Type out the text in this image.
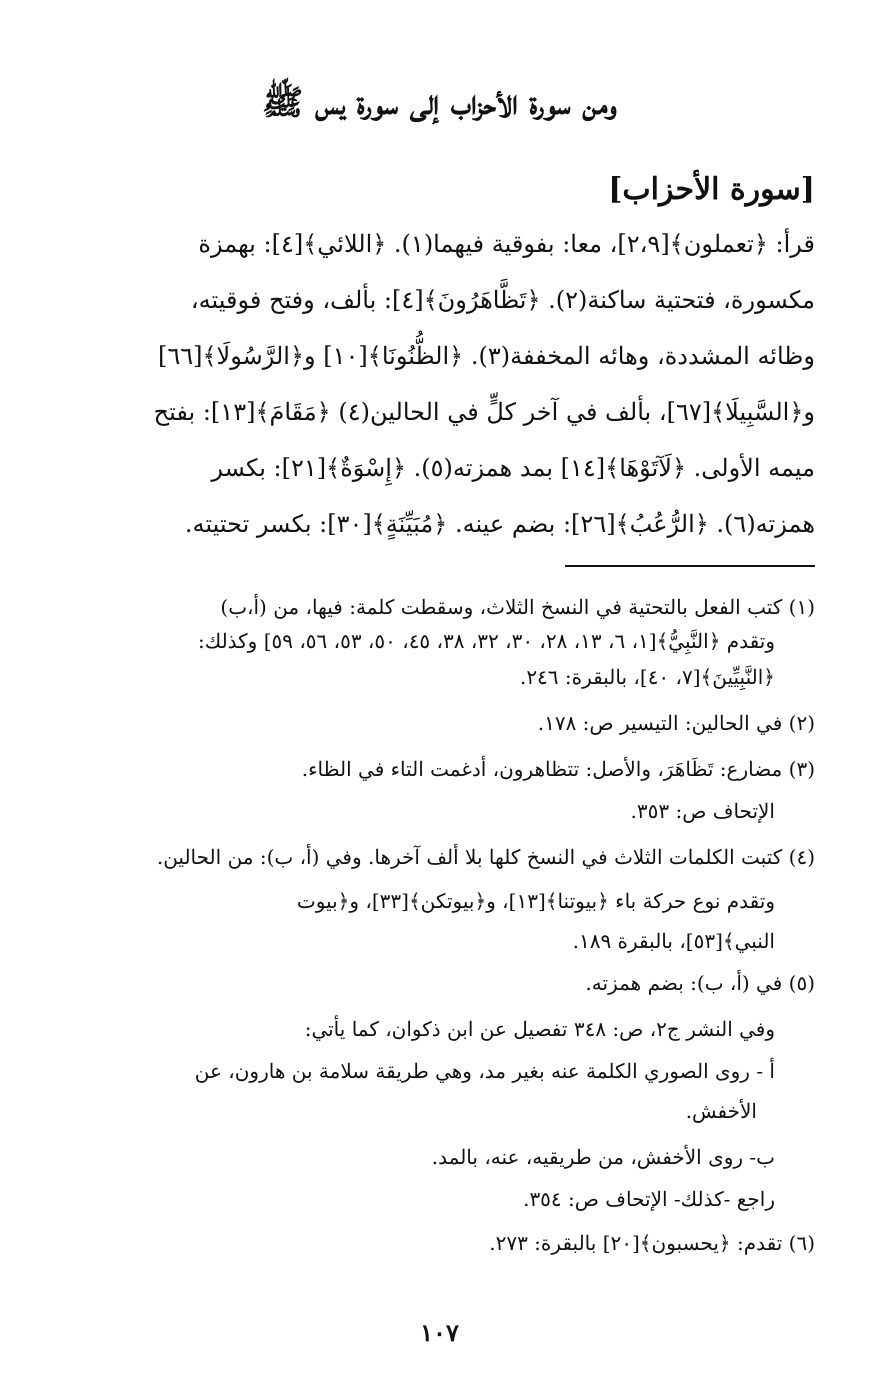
ومن سورة الأحزاب إلى سورة يس ﷺ
[سورة الأحزاب]
قرأ: ﴿تعملون﴾[٢،٩]، معا: بفوقية فيهما(١). ﴿اللائي﴾[٤]: بهمزة
مكسورة، فتحتية ساكنة(٢). ﴿تَظَّاهَرُونَ﴾[٤]: بألف، وفتح فوقيته،
وظائه المشددة، وهائه المخففة(٣). ﴿الظُّنُونَا﴾[١٠] و﴿الرَّسُولَا﴾[٦٦]
و﴿السَّبِيلَا﴾[٦٧]، بألف في آخر كلٍّ في الحالين(٤) ﴿مَقَامَ﴾[١٣]: بفتح
ميمه الأولى. ﴿لَآتَوْهَا﴾[١٤] بمد همزته(٥). ﴿إِسْوَةٌ﴾[٢١]: بكسر
همزته(٦). ﴿الرُّعُبُ﴾[٢٦]: بضم عينه. ﴿مُبَيِّنَةٍ﴾[٣٠]: بكسر تحتيته.
(١) كتب الفعل بالتحتية في النسخ الثلاث، وسقطت كلمة: فيها، من (أ،ب)
وتقدم ﴿النَّبِيُّ﴾[١، ٦، ١٣، ٢٨، ٣٠، ٣٢، ٣٨، ٤٥، ٥٠، ٥٣، ٥٦، ٥٩] وكذلك:
﴿النَّبِيِّينَ﴾[٧، ٤٠]، بالبقرة: ٢٤٦.
(٢) في الحالين: التيسير ص: ١٧٨.
(٣) مضارع: تَظَاهَرَ، والأصل: تتظاهرون، أدغمت التاء في الظاء.
الإتحاف ص: ٣٥٣.
(٤) كتبت الكلمات الثلاث في النسخ كلها بلا ألف آخرها. وفي (أ، ب): من الحالين.
وتقدم نوع حركة باء ﴿بيوتنا﴾[١٣]، و﴿بيوتكن﴾[٣٣]، و﴿بيوت
النبي﴾[٥٣]، بالبقرة ١٨٩.
(٥) في (أ، ب): بضم همزته.
وفي النشر ج٢، ص: ٣٤٨ تفصيل عن ابن ذكوان، كما يأتي:
أ - روى الصوري الكلمة عنه بغير مد، وهي طريقة سلامة بن هارون، عن
الأخفش.
ب- روى الأخفش، من طريقيه، عنه، بالمد.
راجع -كذلك- الإتحاف ص: ٣٥٤.
(٦) تقدم: ﴿يحسبون﴾[٢٠] بالبقرة: ٢٧٣.
١٠٧
